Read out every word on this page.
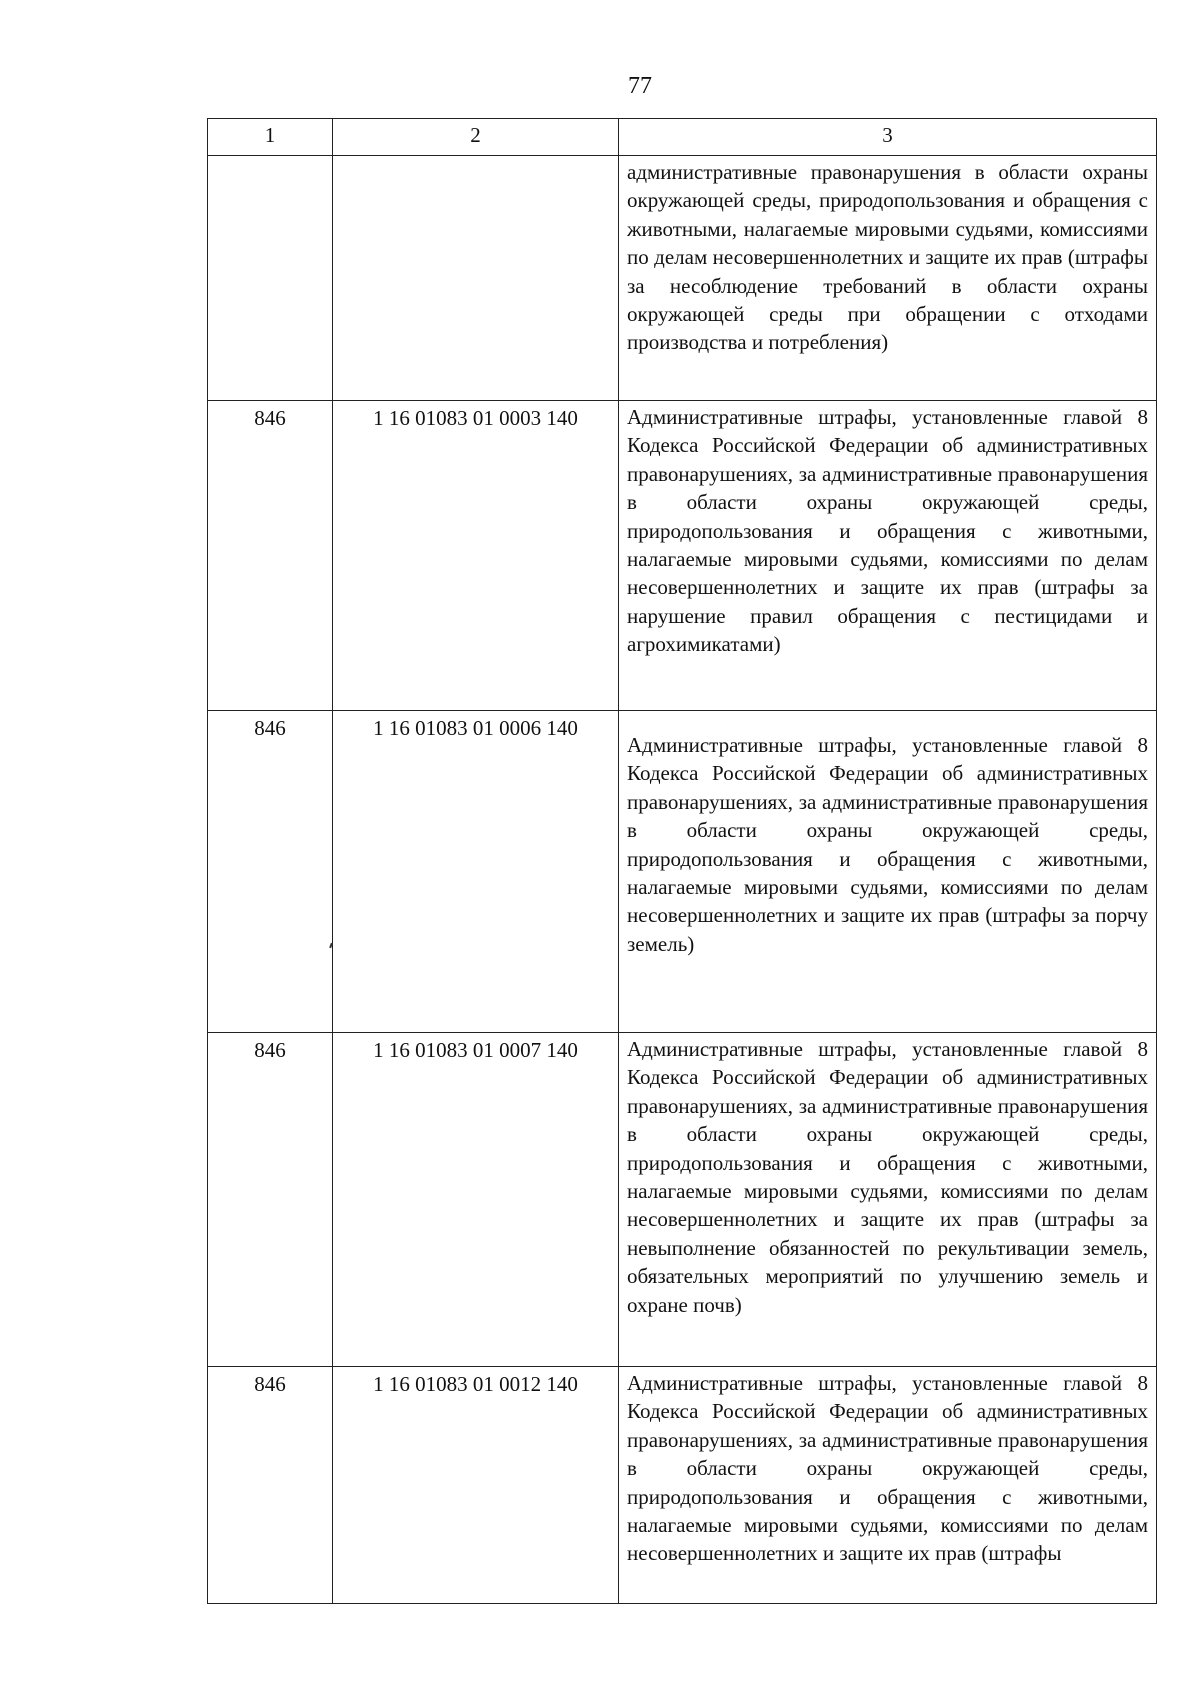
77
1	2	3

		административные правонарушения в области охраны окружающей среды, природопользования и обращения с животными, налагаемые мировыми судьями, комиссиями по делам несовершеннолетних и защите их прав (штрафы за несоблюдение требований в области охраны окружающей среды при обращении с отходами производства и потребления)

846	1 16 01083 01 0003 140	Административные штрафы, установленные главой 8 Кодекса Российской Федерации об административных правонарушениях, за административные правонарушения в области охраны окружающей среды, природопользования и обращения с животными, налагаемые мировыми судьями, комиссиями по делам несовершеннолетних и защите их прав (штрафы за нарушение правил обращения с пестицидами и агрохимикатами)

846	1 16 01083 01 0006 140	Административные штрафы, установленные главой 8 Кодекса Российской Федерации об административных правонарушениях, за административные правонарушения в области охраны окружающей среды, природопользования и обращения с животными, налагаемые мировыми судьями, комиссиями по делам несовершеннолетних и защите их прав (штрафы за порчу земель)

846	1 16 01083 01 0007 140	Административные штрафы, установленные главой 8 Кодекса Российской Федерации об административных правонарушениях, за административные правонарушения в области охраны окружающей среды, природопользования и обращения с животными, налагаемые мировыми судьями, комиссиями по делам несовершеннолетних и защите их прав (штрафы за невыполнение обязанностей по рекультивации земель, обязательных мероприятий по улучшению земель и охране почв)

846	1 16 01083 01 0012 140	Административные штрафы, установленные главой 8 Кодекса Российской Федерации об административных правонарушениях, за административные правонарушения в области охраны окружающей среды, природопользования и обращения с животными, налагаемые мировыми судьями, комиссиями по делам несовершеннолетних и защите их прав (штрафы
